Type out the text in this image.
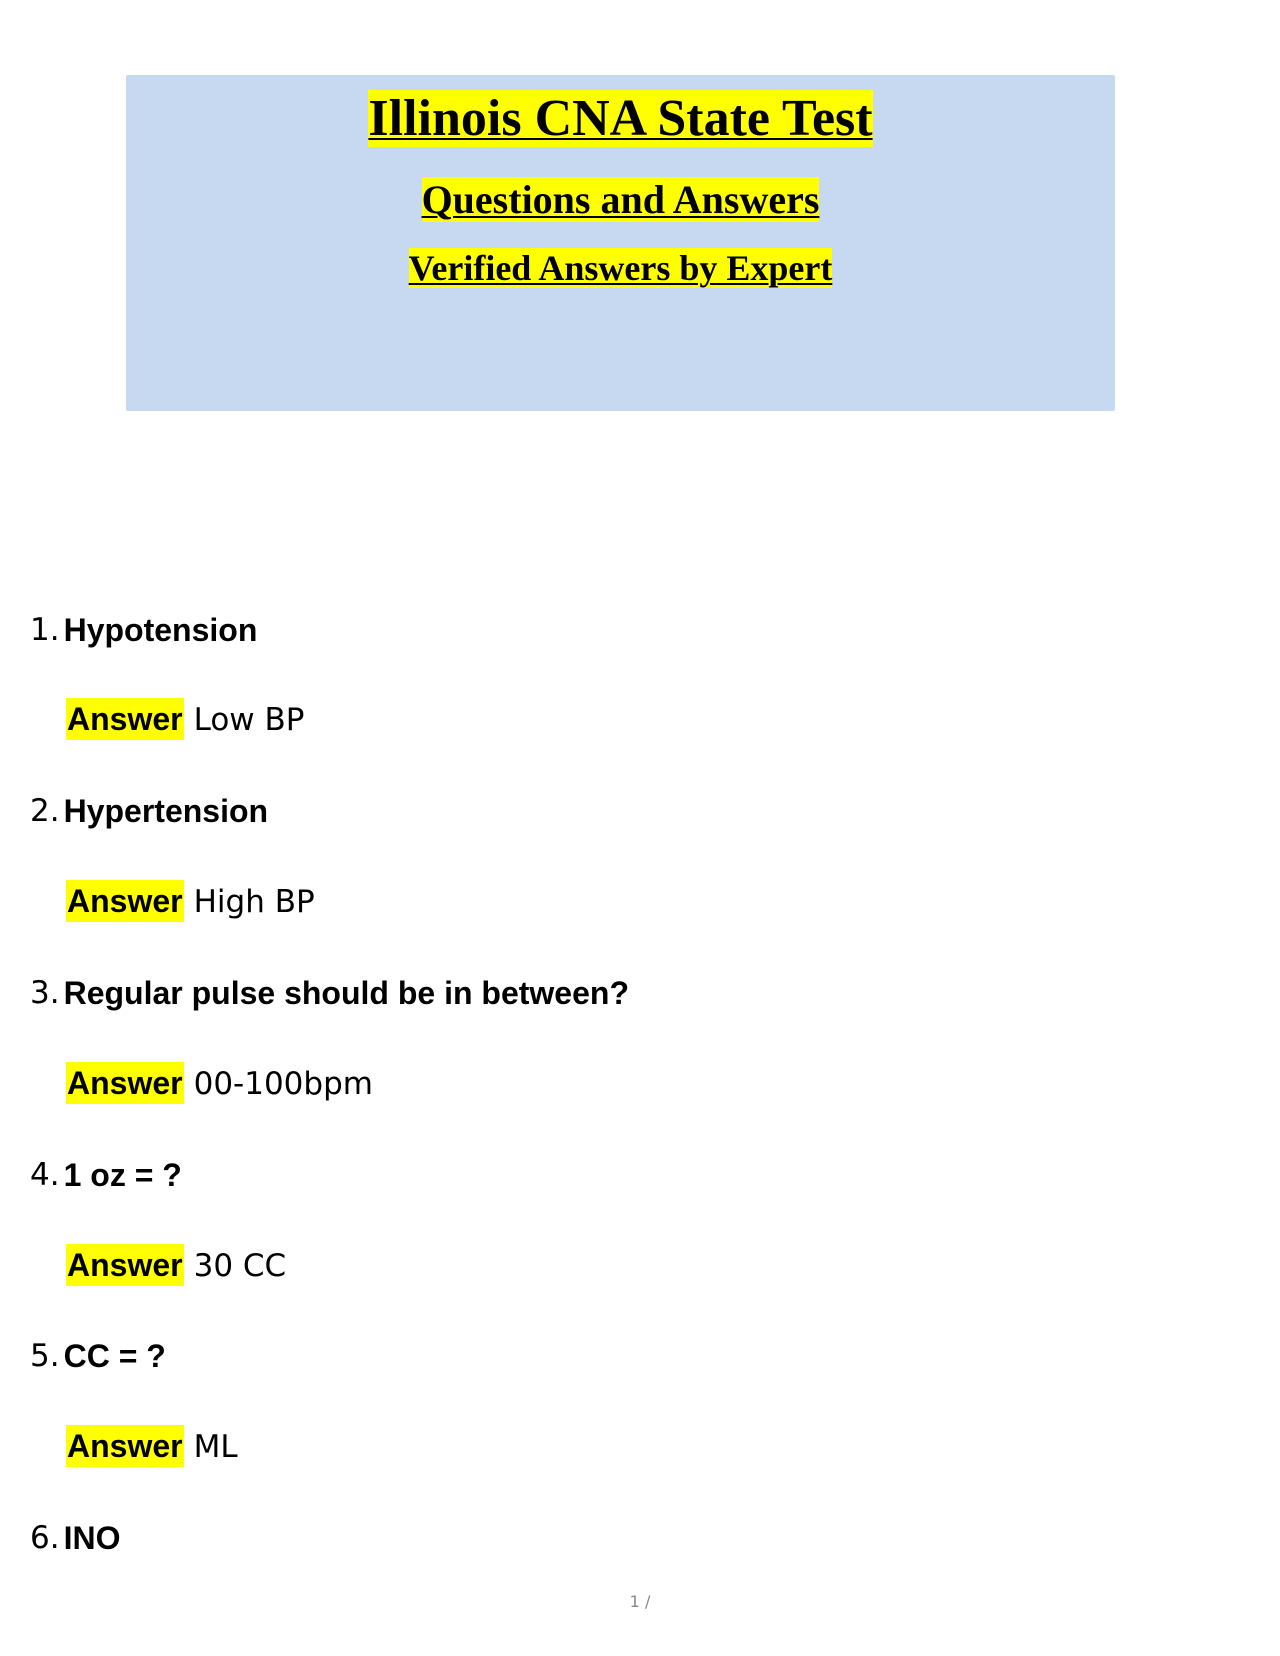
Illinois CNA State Test
Questions and Answers
Verified Answers by Expert
1. Hypotension
Answer Low BP
2. Hypertension
Answer High BP
3. Regular pulse should be in between?
Answer 00-100bpm
4. 1 oz = ?
Answer 30 CC
5. CC = ?
Answer ML
6. INO
1 /
